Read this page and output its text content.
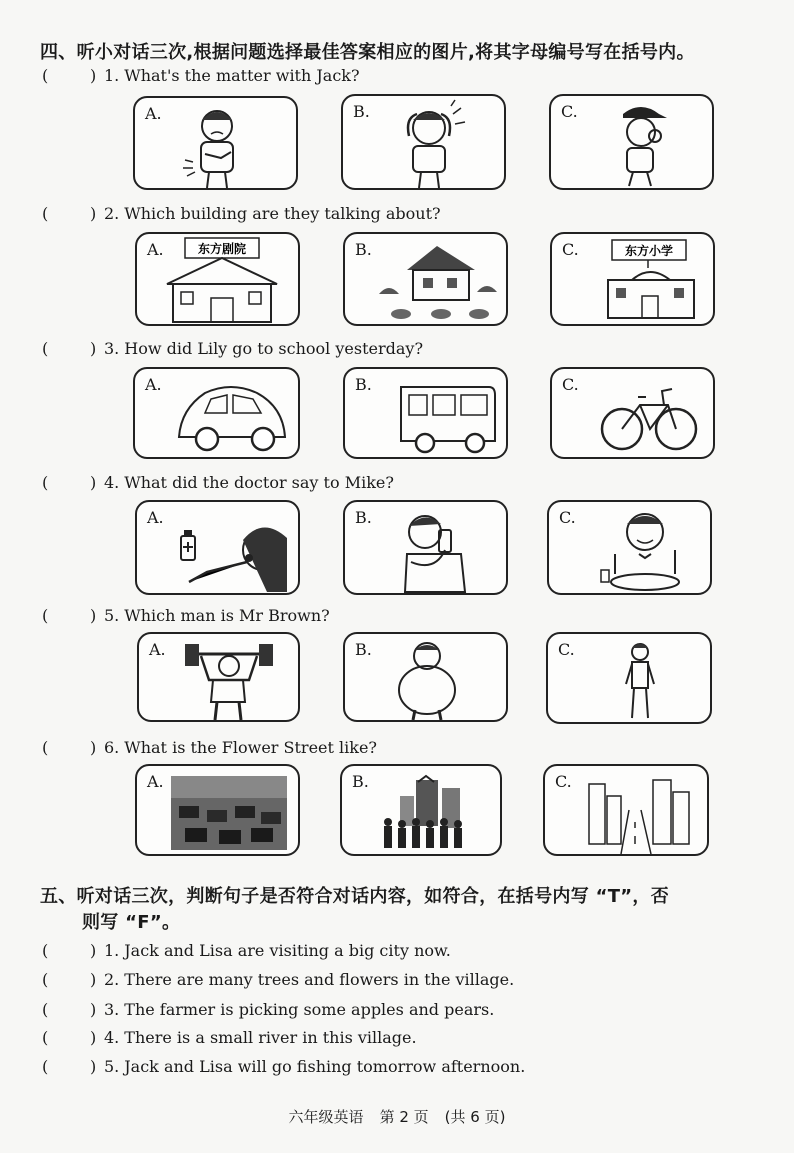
四、听小对话三次,根据问题选择最佳答案相应的图片,将其字母编号写在括号内。
(	) 1. What's the matter with Jack?
A.	B.	C.
(	) 2. Which building are they talking about?
A.	东方剧院	B.	C.	东方小学
(	) 3. How did Lily go to school yesterday?
A.	B.	C.
(	) 4. What did the doctor say to Mike?
A.	B.	C.
(	) 5. Which man is Mr Brown?
A.	B.	C.
(	) 6. What is the Flower Street like?
A.	B.	C.
五、听对话三次，判断句子是否符合对话内容，如符合，在括号内写 “T”，否
则写 “F”。
(	) 1. Jack and Lisa are visiting a big city now.
(	) 2. There are many trees and flowers in the village.
(	) 3. The farmer is picking some apples and pears.
(	) 4. There is a small river in this village.
(	) 5. Jack and Lisa will go fishing tomorrow afternoon.
六年级英语 第 2 页 (共 6 页)
